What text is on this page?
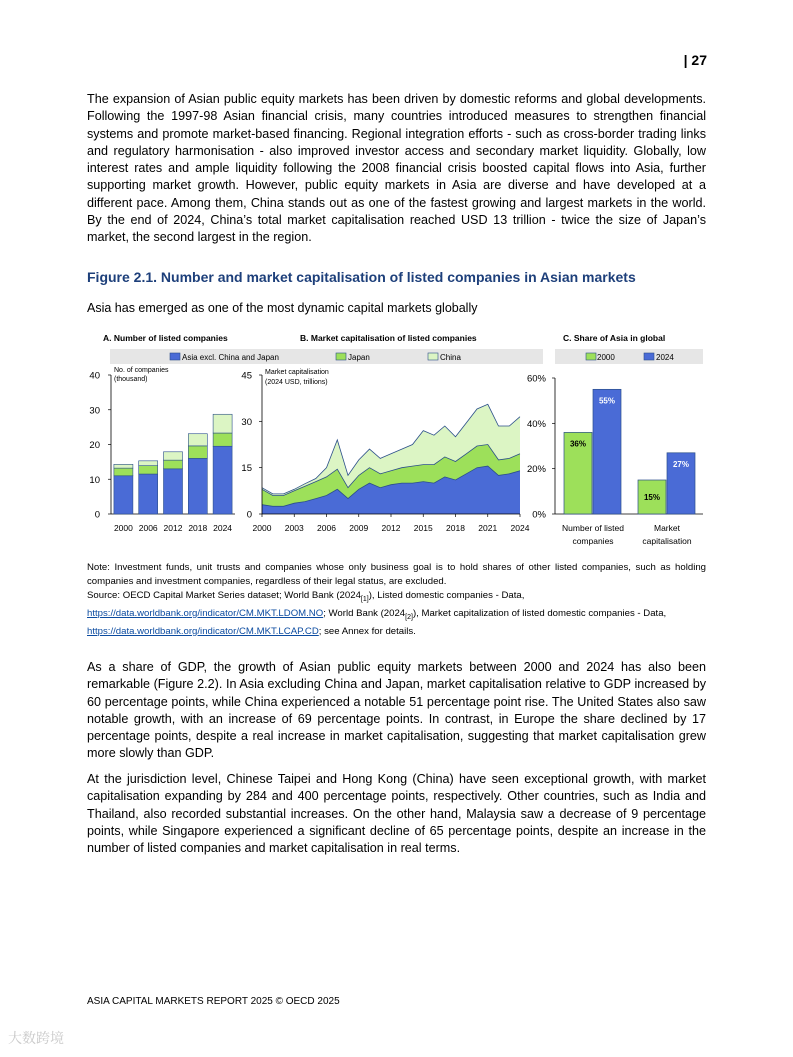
| 27

The expansion of Asian public equity markets has been driven by domestic reforms and global developments. Following the 1997-98 Asian financial crisis, many countries introduced measures to strengthen financial systems and promote market-based financing. Regional integration efforts - such as cross-border trading links and regulatory harmonisation - also improved investor access and secondary market liquidity. Globally, low interest rates and ample liquidity following the 2008 financial crisis boosted capital flows into Asia, further supporting market growth. However, public equity markets in Asia are diverse and have developed at a different pace. Among them, China stands out as one of the fastest growing and largest markets in the world. By the end of 2024, China’s total market capitalisation reached USD 13 trillion - twice the size of Japan’s market, the second largest in the region.

Figure 2.1. Number and market capitalisation of listed companies in Asian markets
Asia has emerged as one of the most dynamic capital markets globally
A. Number of listed companies	B. Market capitalisation of listed companies	C. Share of Asia in global
Asia excl. China and Japan	Japan	China	2000	2024
No. of companies
(thousand)
Market capitalisation
(2024 USD, trillions)
Number of listed
companies
Market
capitalisation
0
10
20
30
40
2000 2006 2012 2018 2024
0
15
30
45
2000 2003 2006 2009 2012 2015 2018 2021 2024
0%
20%
40%
60%
36%
55%
15%
27%
Note: Investment funds, unit trusts and companies whose only business goal is to hold shares of other listed companies, such as holding companies and investment companies, regardless of their legal status, are excluded.
Source: OECD Capital Market Series dataset; World Bank $(2024_{[1]})$, Listed domestic companies - Data,
https://data.worldbank.org/indicator/CM.MKT.LDOM.NO; World Bank $(2024_{[2]})$, Market capitalization of listed domestic companies - Data,
https://data.worldbank.org/indicator/CM.MKT.LCAP.CD; see Annex for details.

As a share of GDP, the growth of Asian public equity markets between 2000 and 2024 has also been remarkable (Figure 2.2). In Asia excluding China and Japan, market capitalisation relative to GDP increased by 60 percentage points, while China experienced a notable 51 percentage point rise. The United States also saw notable growth, with an increase of 69 percentage points. In contrast, in Europe the share declined by 17 percentage points, despite a real increase in market capitalisation, suggesting that market capitalisation grew more slowly than GDP.

At the jurisdiction level, Chinese Taipei and Hong Kong (China) have seen exceptional growth, with market capitalisation expanding by 284 and 400 percentage points, respectively. Other countries, such as India and Thailand, also recorded substantial increases. On the other hand, Malaysia saw a decrease of 9 percentage points, while Singapore experienced a significant decline of 65 percentage points, despite an increase in the number of listed companies and market capitalisation in real terms.

ASIA CAPITAL MARKETS REPORT 2025 © OECD 2025
大数跨境
